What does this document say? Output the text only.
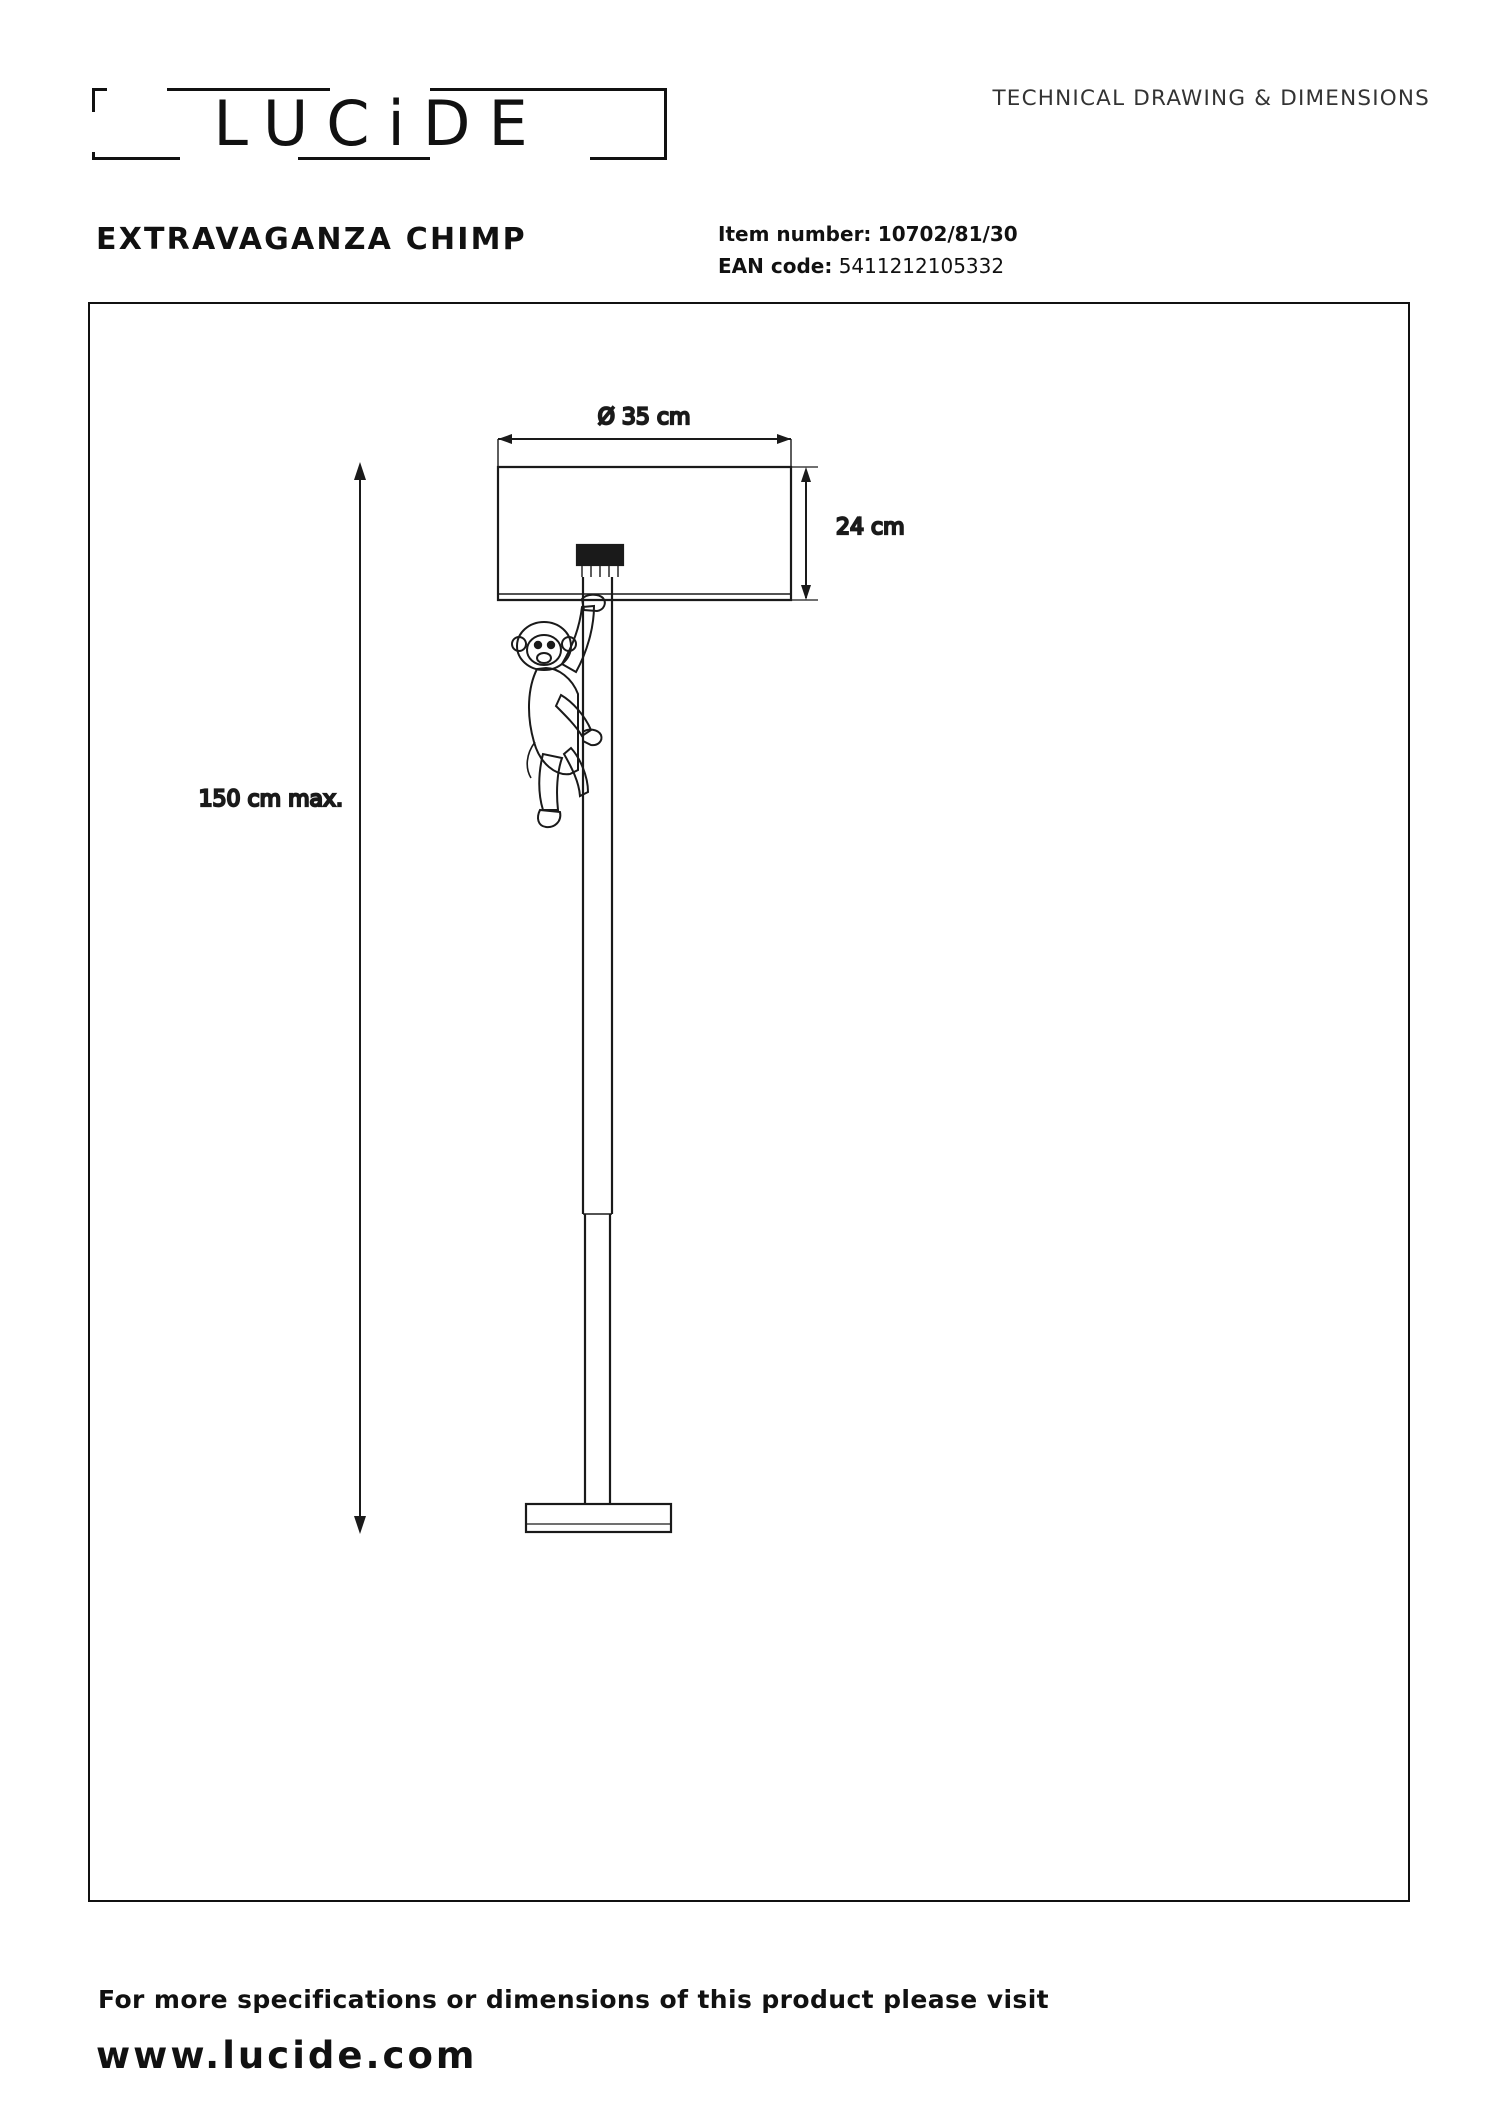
LUCiDE	TECHNICAL DRAWING & DIMENSIONS
EXTRAVAGANZA CHIMP	Item number: 10702/81/30
EAN code: 5411212105332
Ø 35 cm
24 cm
150 cm max.
For more specifications or dimensions of this product please visit
www.lucide.com
